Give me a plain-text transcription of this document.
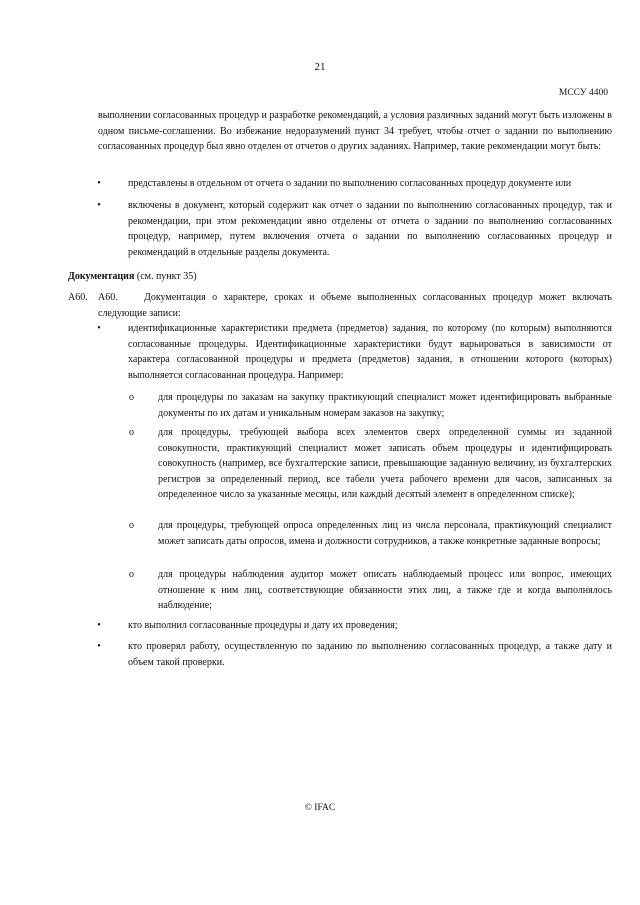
21
МССУ 4400
выполнении согласованных процедур и разработке рекомендаций, а условия различных заданий могут быть изложены в одном письме-соглашении. Во избежание недоразумений пункт 34 требует, чтобы отчет о задании по выполнению согласованных процедур был явно отделен от отчетов о других заданиях. Например, такие рекомендации могут быть:
•	представлены в отдельном от отчета о задании по выполнению согласованных процедур документе или
•	включены в документ, который содержит как отчет о задании по выполнению согласованных процедур, так и рекомендации, при этом рекомендации явно отделены от отчета о задании по выполнению согласованных процедур, например, путем включения отчета о задании по выполнению согласованных процедур и рекомендаций в отдельные разделы документа.
Документация (см. пункт 35)
A60. A60.	Документация о характере, сроках и объеме выполненных согласованных процедур может включать следующие записи:
•	идентификационные характеристики предмета (предметов) задания, по которому (по которым) выполняются согласованные процедуры. Идентификационные характеристики будут варьироваться в зависимости от характера согласованной процедуры и предмета (предметов) задания, в отношении которого (которых) выполняется согласованная процедура. Например:
o для процедуры по заказам на закупку практикующий специалист может идентифицировать выбранные документы по их датам и уникальным номерам заказов на закупку;
o для процедуры, требующей выбора всех элементов сверх определенной суммы из заданной совокупности, практикующий специалист может записать объем процедуры и идентифицировать совокупность (например, все бухгалтерские записи, превышающие заданную величину, из бухгалтерских регистров за определенный период, все табели учета рабочего времени для часов, записанных за определенное число за указанные месяцы, или каждый десятый элемент в определенном списке);
o для процедуры, требующей опроса определенных лиц из числа персонала, практикующий специалист может записать даты опросов, имена и должности сотрудников, а также конкретные заданные вопросы;
o для процедуры наблюдения аудитор может описать наблюдаемый процесс или вопрос, имеющих отношение к ним лиц, соответствующие обязанности этих лиц, а также где и когда выполнялось наблюдение;
•	кто выполнил согласованные процедуры и дату их проведения;
•	кто проверял работу, осуществленную по заданию по выполнению согласованных процедур, а также дату и объем такой проверки.
© IFAC
